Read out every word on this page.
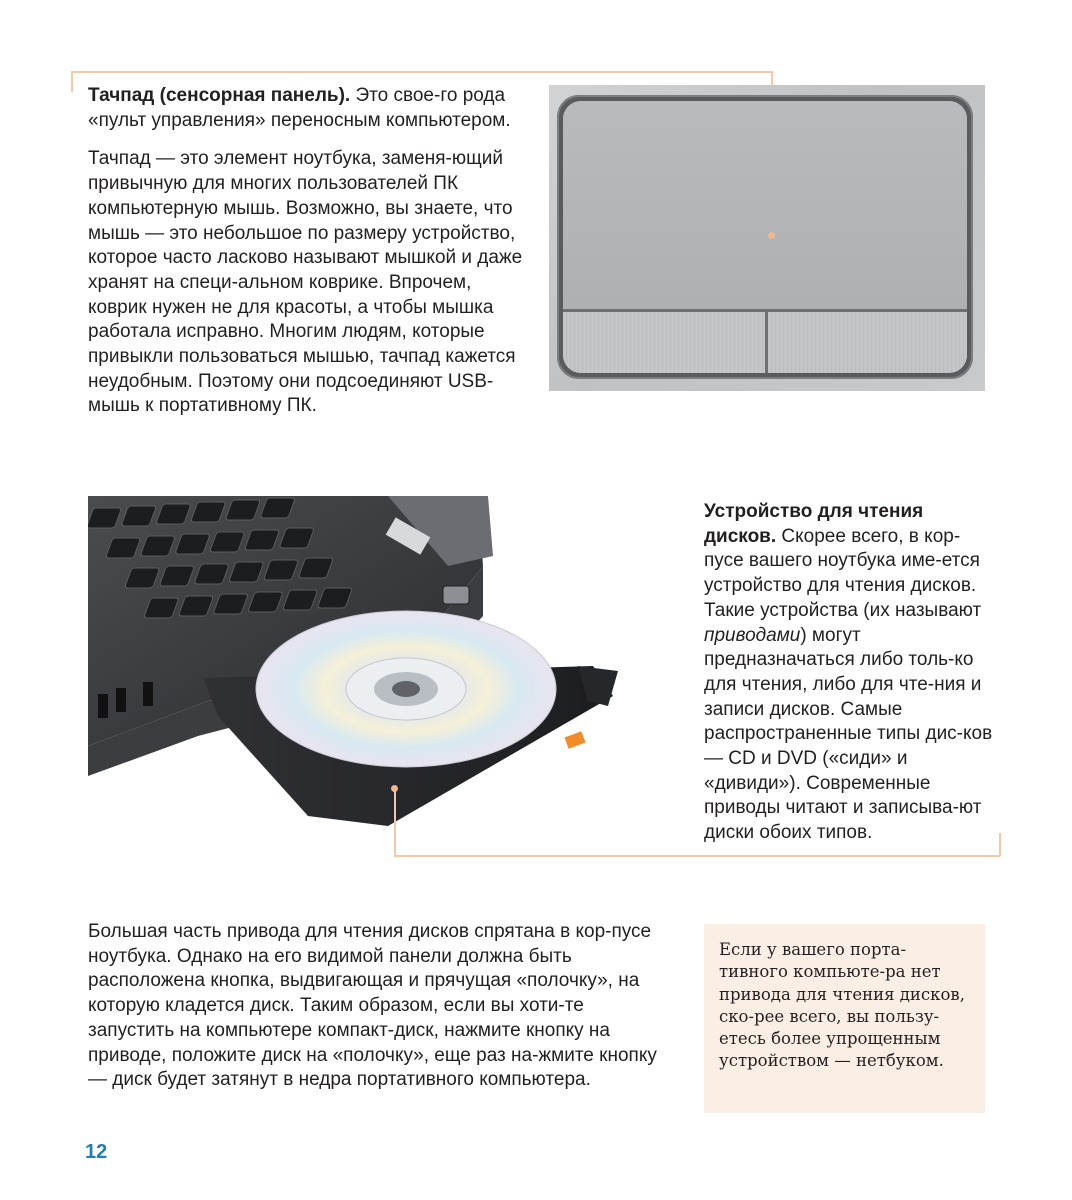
Тачпад (сенсорная панель). Это свое-го рода «пульт управления» переносным компьютером.

Тачпад — это элемент ноутбука, заменя-ющий привычную для многих пользователей ПК компьютерную мышь. Возможно, вы знаете, что мышь — это небольшое по размеру устройство, которое часто ласково называют мышкой и даже хранят на специ-альном коврике. Впрочем, коврик нужен не для красоты, а чтобы мышка работала исправно. Многим людям, которые привыкли пользоваться мышью, тачпад кажется неудобным. Поэтому они подсоединяют USB-мышь к портативному ПК.

Устройство для чтения дисков. Скорее всего, в кор-пусе вашего ноутбука име-ется устройство для чтения дисков. Такие устройства (их называют приводами) могут предназначаться либо толь-ко для чтения, либо для чте-ния и записи дисков. Самые распространенные типы дис-ков — CD и DVD («сиди» и «дивиди»). Современные приводы читают и записыва-ют диски обоих типов.

Большая часть привода для чтения дисков спрятана в кор-пусе ноутбука. Однако на его видимой панели должна быть расположена кнопка, выдвигающая и прячущая «полочку», на которую кладется диск. Таким образом, если вы хоти-те запустить на компьютере компакт-диск, нажмите кнопку на приводе, положите диск на «полочку», еще раз на-жмите кнопку — диск будет затянут в недра портативного компьютера.

Если у вашего порта-тивного компьюте-ра нет привода для чтения дисков, ско-рее всего, вы пользу-етесь более упрощенным устройством — нетбуком.

12
